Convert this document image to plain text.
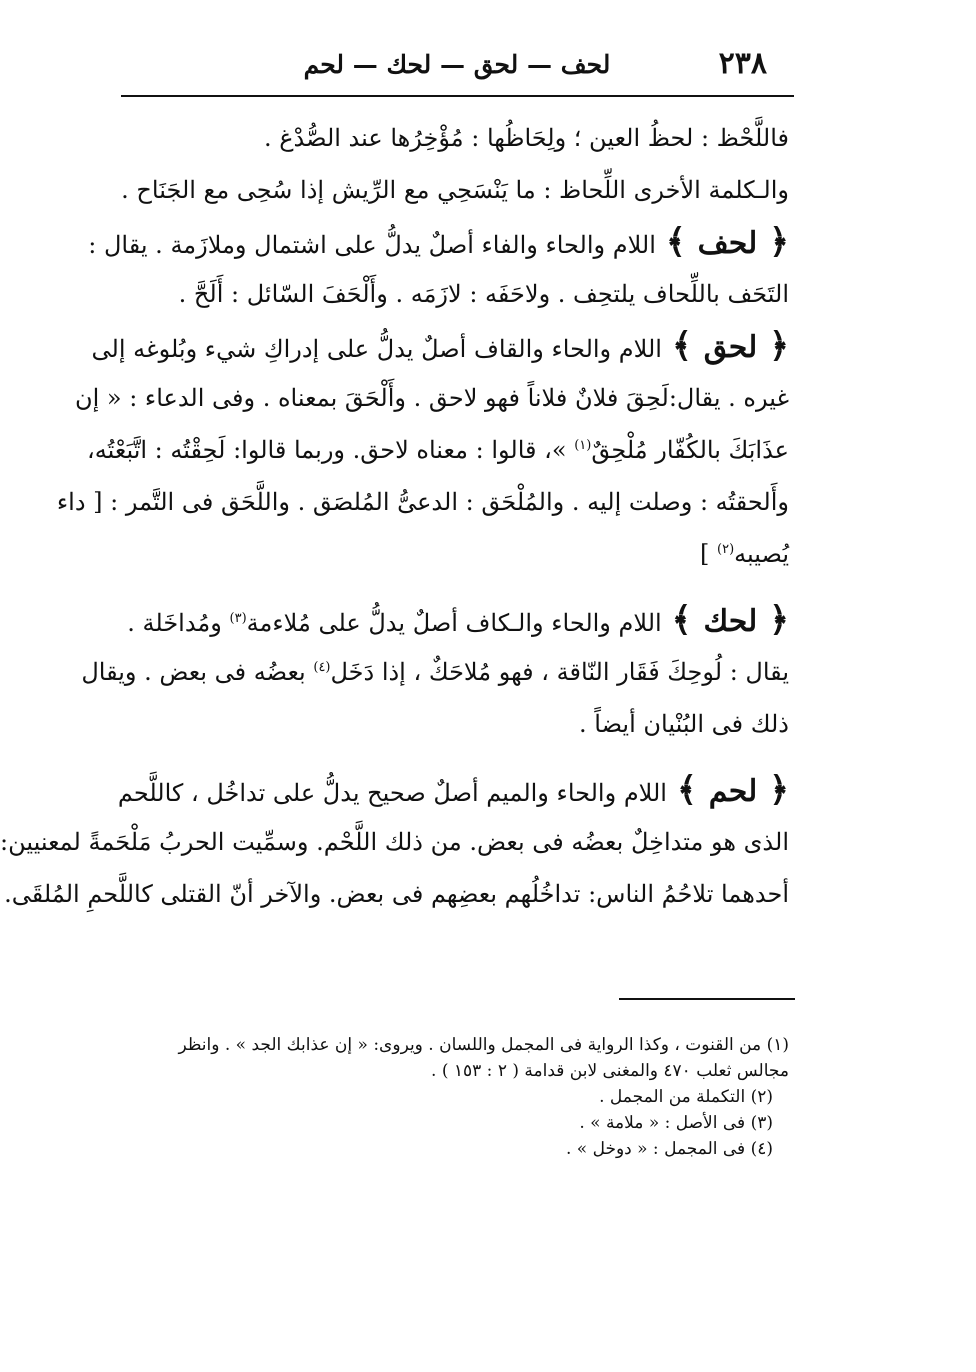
٢٣٨
لحف — لحق — لحك — لحم
فاللَّحْظ : لحظُ العين ؛ ولِحَاظُها : مُؤْخِرُها عند الصُّدْغ .
والـكلمة الأخرى اللِّحاظ : ما يَنْسَحِي مع الرِّيش إذا سُحِى مع الجَنَاح .
﴿ لحف ﴾اللام والحاء والفاء أصلٌ يدلُّ على اشتمال وملازَمة . يقال :
التَحَف باللِّحاف يلتحِف . ولاحَفَه : لازَمَه . وأَلْحَفَ السّائل : أَلَحَّ .
﴿ لحق ﴾اللام والحاء والقاف أصلٌ يدلُّ على إدراكِ شيء وبُلوغه إلى
غيره . يقال:لَحِقَ فلانٌ فلاناً فهو لاحق . وأَلْحَقَ بمعناه . وفى الدعاء : « إن
عذَابَكَ بالكُفّار مُلْحِقٌ$^{(١)}$ »، قالوا : معناه لاحق. وربما قالوا: لَحِقْتُه : اتَّبَعْتُه،
وأَلحقتُه : وصلت إليه . والمُلْحَق : الدعىُّ المُلصَق . واللَّحَق فى التَّمر : [ داء
يُصيبه$^{(٢)}$ ]
﴿ لحك ﴾اللام والحاء والـكاف أصلٌ يدلُّ على مُلاءمة$^{(٣)}$ ومُداخَلة .
يقال : لُوحِكَ فَقَار النّاقة ، فهو مُلاحَكٌ ، إذا دَخَل$^{(٤)}$ بعضُه فى بعض . ويقال
ذلك فى البُنْيان أيضاً .
﴿ لحم ﴾اللام والحاء والميم أصلٌ صحيح يدلُّ على تداخُل ، كاللَّحم
الذى هو متداخِلٌ بعضُه فى بعض. من ذلك اللَّحْم. وسمِّيت الحربُ مَلْحَمةً لمعنيين:
أحدهما تلاحُمُ الناس: تداخُلُهم بعضِهم فى بعض. والآخر أنّ القتلى كاللَّحمِ المُلقَى.
(١) من القنوت ، وكذا الرواية فى المجمل واللسان . ويروى: « إن عذابك الجد » . وانظر
مجالس ثعلب ٤٧٠ والمغنى لابن قدامة ( ٢ : ١٥٣ ) .
(٢) التكملة من المجمل .
(٣) فى الأصل : « ملامة » .
(٤) فى المجمل : « دوخل » .
